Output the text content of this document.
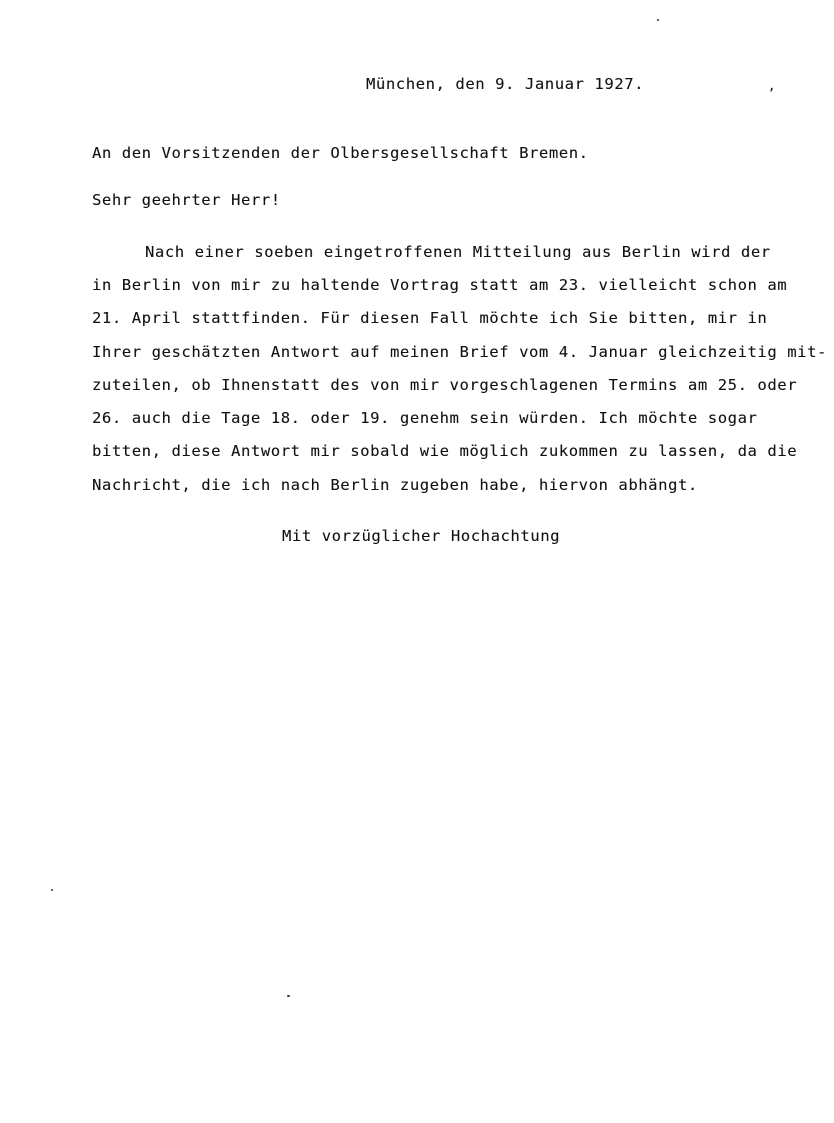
München, den 9. Januar 1927.	,
An den Vorsitzenden der Olbersgesellschaft Bremen.
Sehr geehrter Herr!
Nach einer soeben eingetroffenen Mitteilung aus Berlin wird der
in Berlin von mir zu haltende Vortrag statt am 23. vielleicht schon am
21. April stattfinden. Für diesen Fall möchte ich Sie bitten, mir in
Ihrer geschätzten Antwort auf meinen Brief vom 4. Januar gleichzeitig mit-
zuteilen, ob Ihnenstatt des von mir vorgeschlagenen Termins am 25. oder
26. auch die Tage 18. oder 19. genehm sein würden. Ich möchte sogar
bitten, diese Antwort mir sobald wie möglich zukommen zu lassen, da die
Nachricht, die ich nach Berlin zugeben habe, hiervon abhängt.
Mit vorzüglicher Hochachtung
